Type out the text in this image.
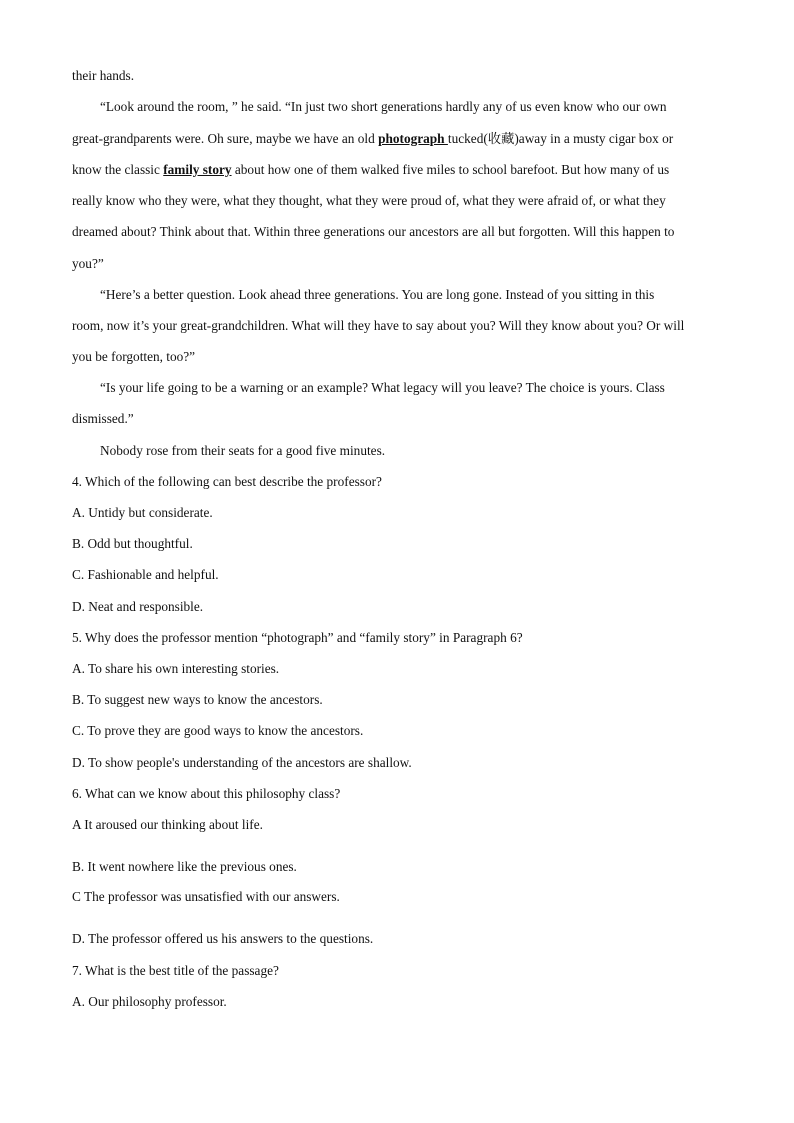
their hands.
“Look around the room, ” he said. “In just two short generations hardly any of us even know who our own
great-grandparents were. Oh sure, maybe we have an old photograph tucked(收藏)away in a musty cigar box or
know the classic family story about how one of them walked five miles to school barefoot. But how many of us
really know who they were, what they thought, what they were proud of, what they were afraid of, or what they
dreamed about? Think about that. Within three generations our ancestors are all but forgotten. Will this happen to
you?”
“Here’s a better question. Look ahead three generations. You are long gone. Instead of you sitting in this
room, now it’s your great-grandchildren. What will they have to say about you? Will they know about you? Or will
you be forgotten, too?”
“Is your life going to be a warning or an example? What legacy will you leave? The choice is yours. Class
dismissed.”
Nobody rose from their seats for a good five minutes.
4. Which of the following can best describe the professor?
A. Untidy but considerate.
B. Odd but thoughtful.
C. Fashionable and helpful.
D. Neat and responsible.
5. Why does the professor mention “photograph” and “family story” in Paragraph 6?
A. To share his own interesting stories.
B. To suggest new ways to know the ancestors.
C. To prove they are good ways to know the ancestors.
D. To show people's understanding of the ancestors are shallow.
6. What can we know about this philosophy class?
A It aroused our thinking about life.
B. It went nowhere like the previous ones.
C The professor was unsatisfied with our answers.
D. The professor offered us his answers to the questions.
7. What is the best title of the passage?
A. Our philosophy professor.
